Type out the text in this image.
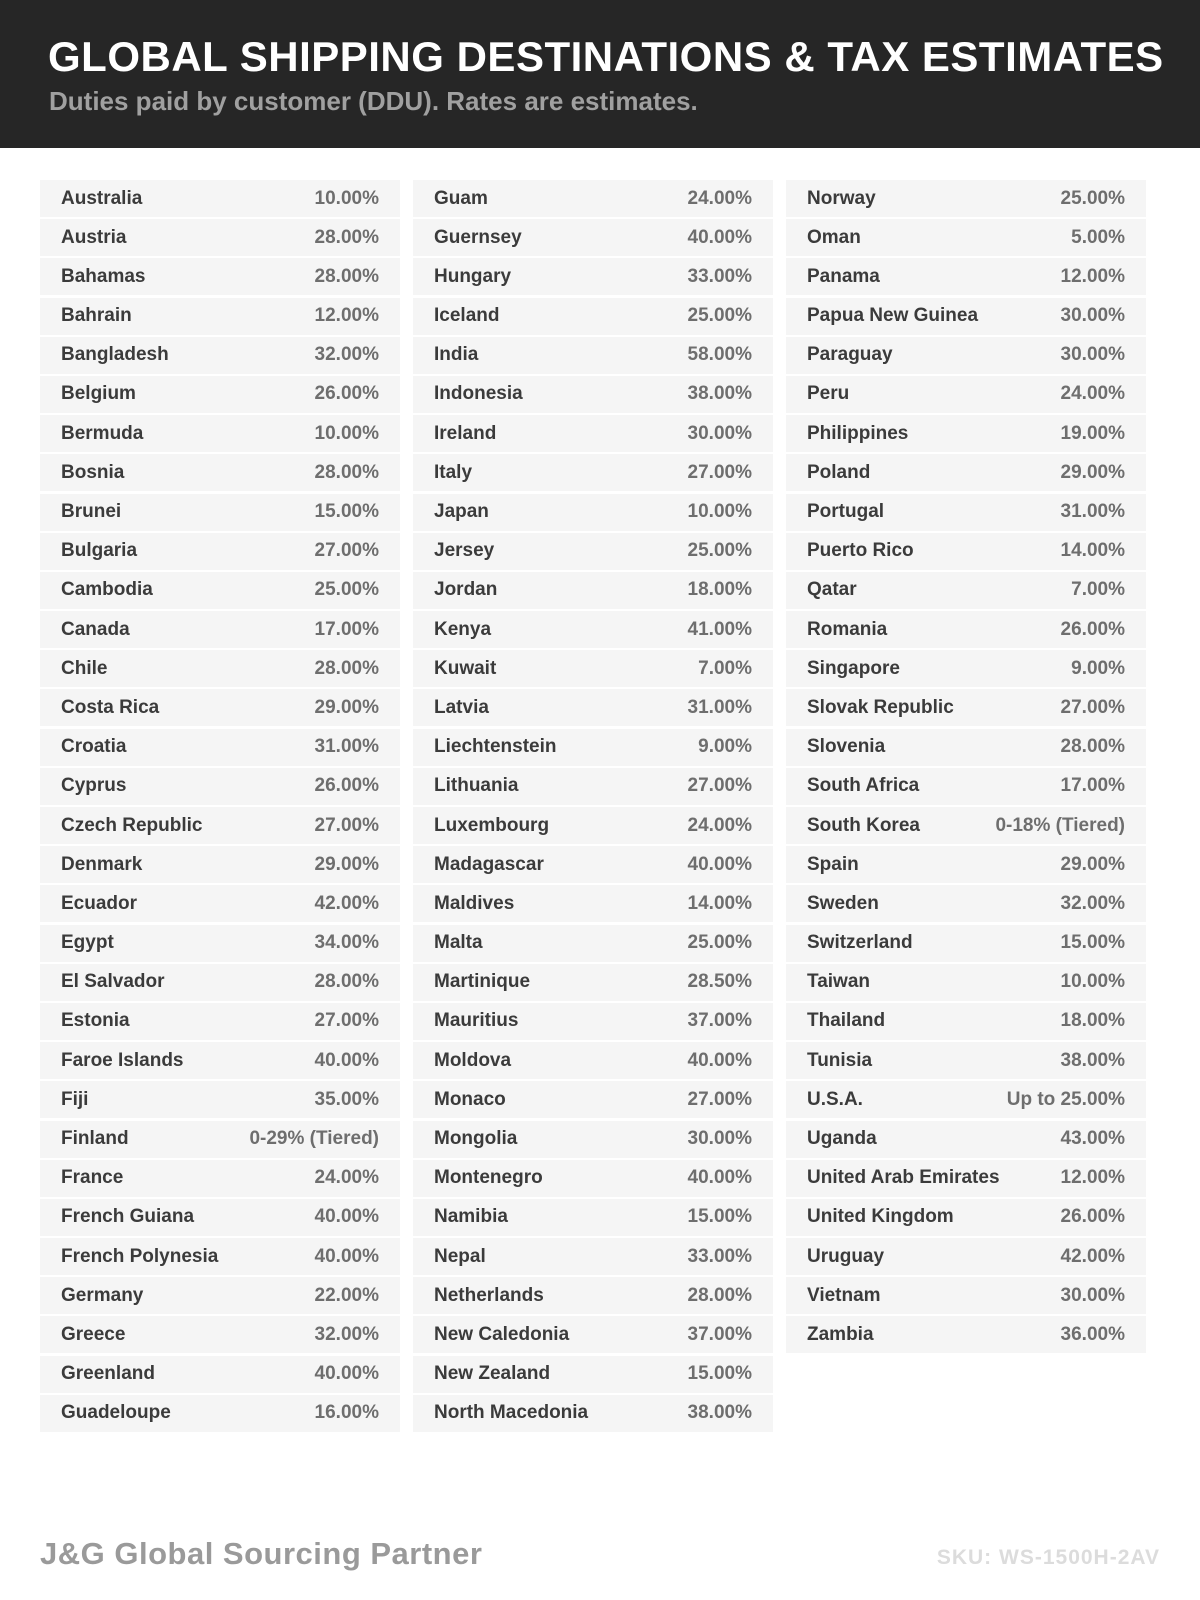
GLOBAL SHIPPING DESTINATIONS & TAX ESTIMATES

Duties paid by customer (DDU). Rates are estimates.

Australia	10.00%
Austria	28.00%
Bahamas	28.00%
Bahrain	12.00%
Bangladesh	32.00%
Belgium	26.00%
Bermuda	10.00%
Bosnia	28.00%
Brunei	15.00%
Bulgaria	27.00%
Cambodia	25.00%
Canada	17.00%
Chile	28.00%
Costa Rica	29.00%
Croatia	31.00%
Cyprus	26.00%
Czech Republic	27.00%
Denmark	29.00%
Ecuador	42.00%
Egypt	34.00%
El Salvador	28.00%
Estonia	27.00%
Faroe Islands	40.00%
Fiji	35.00%
Finland	0-29% (Tiered)
France	24.00%
French Guiana	40.00%
French Polynesia	40.00%
Germany	22.00%
Greece	32.00%
Greenland	40.00%
Guadeloupe	16.00%
Guam	24.00%
Guernsey	40.00%
Hungary	33.00%
Iceland	25.00%
India	58.00%
Indonesia	38.00%
Ireland	30.00%
Italy	27.00%
Japan	10.00%
Jersey	25.00%
Jordan	18.00%
Kenya	41.00%
Kuwait	7.00%
Latvia	31.00%
Liechtenstein	9.00%
Lithuania	27.00%
Luxembourg	24.00%
Madagascar	40.00%
Maldives	14.00%
Malta	25.00%
Martinique	28.50%
Mauritius	37.00%
Moldova	40.00%
Monaco	27.00%
Mongolia	30.00%
Montenegro	40.00%
Namibia	15.00%
Nepal	33.00%
Netherlands	28.00%
New Caledonia	37.00%
New Zealand	15.00%
North Macedonia	38.00%
Norway	25.00%
Oman	5.00%
Panama	12.00%
Papua New Guinea	30.00%
Paraguay	30.00%
Peru	24.00%
Philippines	19.00%
Poland	29.00%
Portugal	31.00%
Puerto Rico	14.00%
Qatar	7.00%
Romania	26.00%
Singapore	9.00%
Slovak Republic	27.00%
Slovenia	28.00%
South Africa	17.00%
South Korea	0-18% (Tiered)
Spain	29.00%
Sweden	32.00%
Switzerland	15.00%
Taiwan	10.00%
Thailand	18.00%
Tunisia	38.00%
U.S.A.	Up to 25.00%
Uganda	43.00%
United Arab Emirates	12.00%
United Kingdom	26.00%
Uruguay	42.00%
Vietnam	30.00%
Zambia	36.00%
J&G Global Sourcing Partner	SKU: WS-1500H-2AV
